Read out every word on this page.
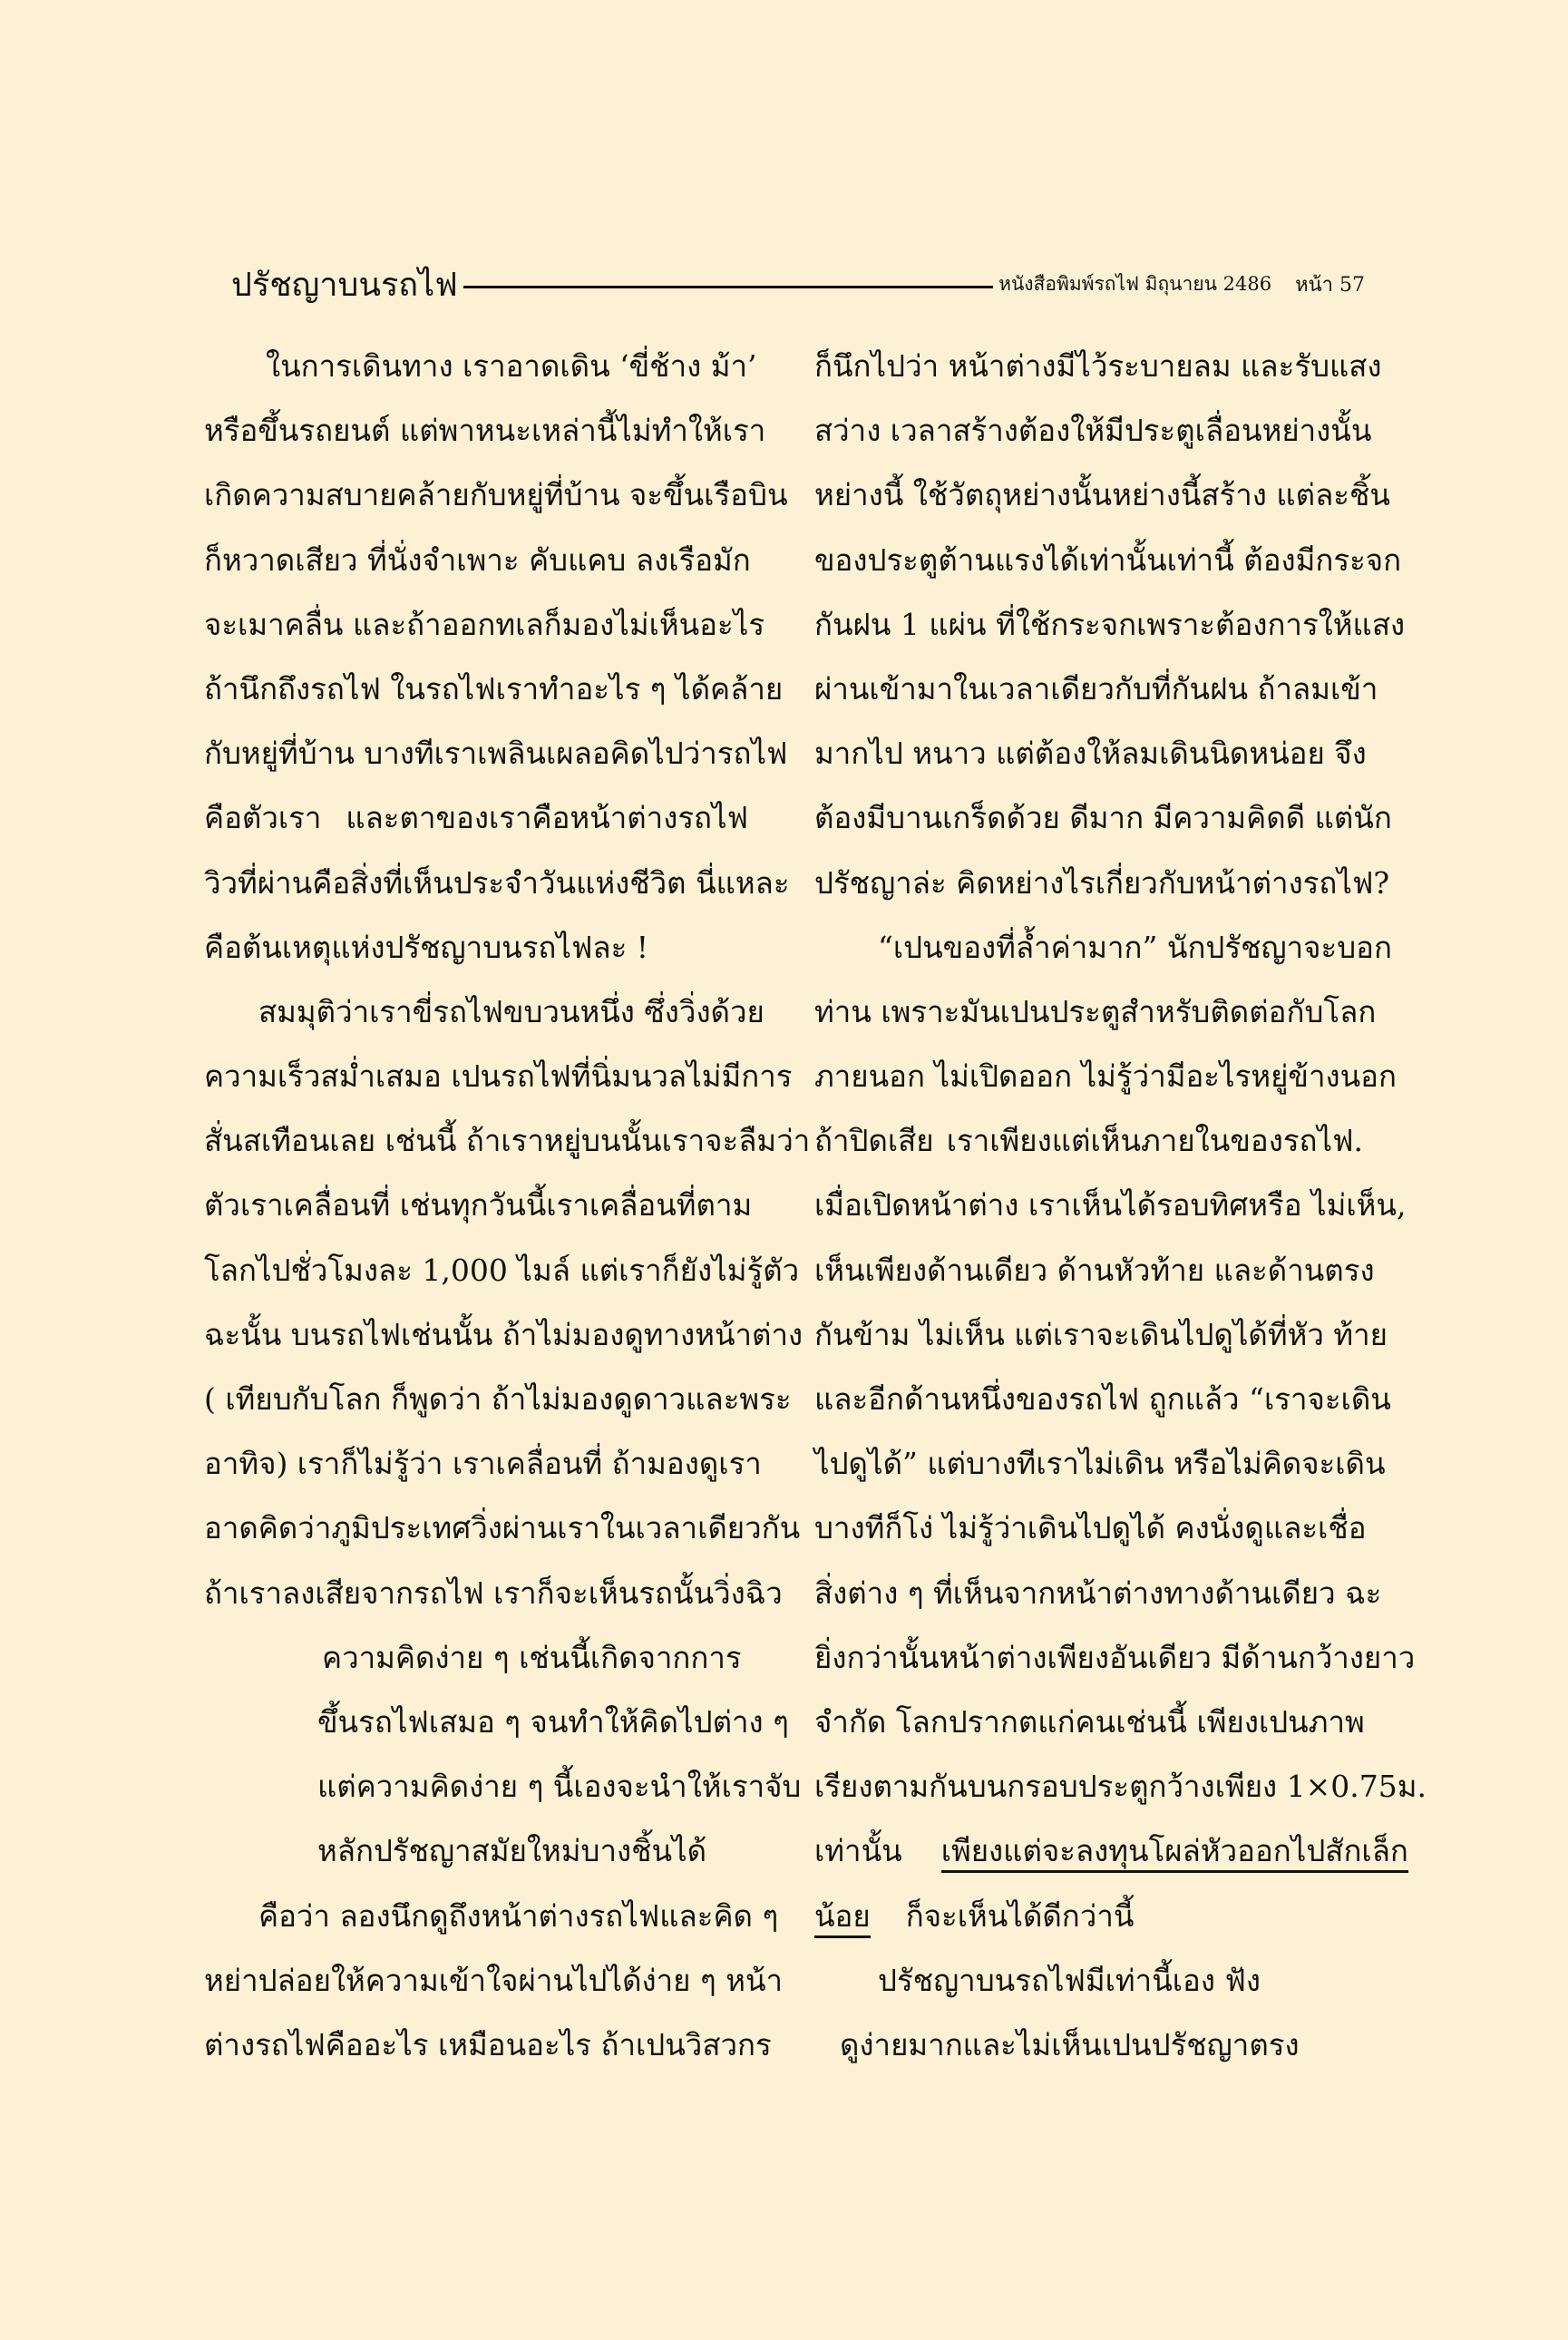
ปรัชญาบนรถไฟ	หนังสือพิมพ์รถไฟ มิถุนายน 2486 หน้า 57
ในการเดินทาง เราอาดเดิน ‘ขี่ช้าง ม้า’
หรือขึ้นรถยนต์ แต่พาหนะเหล่านี้ไม่ทำให้เรา
เกิดความสบายคล้ายกับหยู่ที่บ้าน จะขึ้นเรือบิน
ก็หวาดเสียว ที่นั่งจำเพาะ คับแคบ ลงเรือมัก
จะเมาคลื่น และถ้าออกทเลก็มองไม่เห็นอะไร
ถ้านึกถึงรถไฟ ในรถไฟเราทำอะไร ๆ ได้คล้าย
กับหยู่ที่บ้าน บางทีเราเพลินเผลอคิดไปว่ารถไฟ
คือตัวเรา และตาของเราคือหน้าต่างรถไฟ
วิวที่ผ่านคือสิ่งที่เห็นประจำวันแห่งชีวิต นี่แหละ
คือต้นเหตุแห่งปรัชญาบนรถไฟละ !
สมมุติว่าเราขี่รถไฟขบวนหนึ่ง ซึ่งวิ่งด้วย
ความเร็วสม่ำเสมอ เปนรถไฟที่นิ่มนวลไม่มีการ
สั่นสเทือนเลย เช่นนี้ ถ้าเราหยู่บนนั้นเราจะลืมว่า
ตัวเราเคลื่อนที่ เช่นทุกวันนี้เราเคลื่อนที่ตาม
โลกไปชั่วโมงละ 1,000 ไมล์ แต่เราก็ยังไม่รู้ตัว
ฉะนั้น บนรถไฟเช่นนั้น ถ้าไม่มองดูทางหน้าต่าง
( เทียบกับโลก ก็พูดว่า ถ้าไม่มองดูดาวและพระ
อาทิจ) เราก็ไม่รู้ว่า เราเคลื่อนที่ ถ้ามองดูเรา
อาดคิดว่าภูมิประเทศวิ่งผ่านเราในเวลาเดียวกัน
ถ้าเราลงเสียจากรถไฟ เราก็จะเห็นรถนั้นวิ่งฉิว
ความคิดง่าย ๆ เช่นนี้เกิดจากการ
ขึ้นรถไฟเสมอ ๆ จนทำให้คิดไปต่าง ๆ
แต่ความคิดง่าย ๆ นี้เองจะนำให้เราจับ
หลักปรัชญาสมัยใหม่บางชิ้นได้
คือว่า ลองนึกดูถึงหน้าต่างรถไฟและคิด ๆ
หย่าปล่อยให้ความเข้าใจผ่านไปได้ง่าย ๆ หน้า
ต่างรถไฟคืออะไร เหมือนอะไร ถ้าเปนวิสวกร
ก็นึกไปว่า หน้าต่างมีไว้ระบายลม และรับแสง
สว่าง เวลาสร้างต้องให้มีประตูเลื่อนหย่างนั้น
หย่างนี้ ใช้วัตถุหย่างนั้นหย่างนี้สร้าง แต่ละชิ้น
ของประตูต้านแรงได้เท่านั้นเท่านี้ ต้องมีกระจก
กันฝน 1 แผ่น ที่ใช้กระจกเพราะต้องการให้แสง
ผ่านเข้ามาในเวลาเดียวกับที่กันฝน ถ้าลมเข้า
มากไป หนาว แต่ต้องให้ลมเดินนิดหน่อย จึง
ต้องมีบานเกร็ดด้วย ดีมาก มีความคิดดี แต่นัก
ปรัชญาล่ะ คิดหย่างไรเกี่ยวกับหน้าต่างรถไฟ?
“เปนของที่ล้ำค่ามาก” นักปรัชญาจะบอก
ท่าน เพราะมันเปนประตูสำหรับติดต่อกับโลก
ภายนอก ไม่เปิดออก ไม่รู้ว่ามีอะไรหยู่ข้างนอก
ถ้าปิดเสีย เราเพียงแต่เห็นภายในของรถไฟ.
เมื่อเปิดหน้าต่าง เราเห็นได้รอบทิศหรือ ไม่เห็น,
เห็นเพียงด้านเดียว ด้านหัวท้าย และด้านตรง
กันข้าม ไม่เห็น แต่เราจะเดินไปดูได้ที่หัว ท้าย
และอีกด้านหนึ่งของรถไฟ ถูกแล้ว “เราจะเดิน
ไปดูได้” แต่บางทีเราไม่เดิน หรือไม่คิดจะเดิน
บางทีก็โง่ ไม่รู้ว่าเดินไปดูได้ คงนั่งดูและเชื่อ
สิ่งต่าง ๆ ที่เห็นจากหน้าต่างทางด้านเดียว ฉะ
ยิ่งกว่านั้นหน้าต่างเพียงอันเดียว มีด้านกว้างยาว
จำกัด โลกปรากตแก่คนเช่นนี้ เพียงเปนภาพ
เรียงตามกันบนกรอบประตูกว้างเพียง 1×0.75ม.
เท่านั้น เพียงแต่จะลงทุนโผล่หัวออกไปสักเล็ก
น้อย ก็จะเห็นได้ดีกว่านี้
ปรัชญาบนรถไฟมีเท่านี้เอง ฟัง
ดูง่ายมากและไม่เห็นเปนปรัชญาตรง
